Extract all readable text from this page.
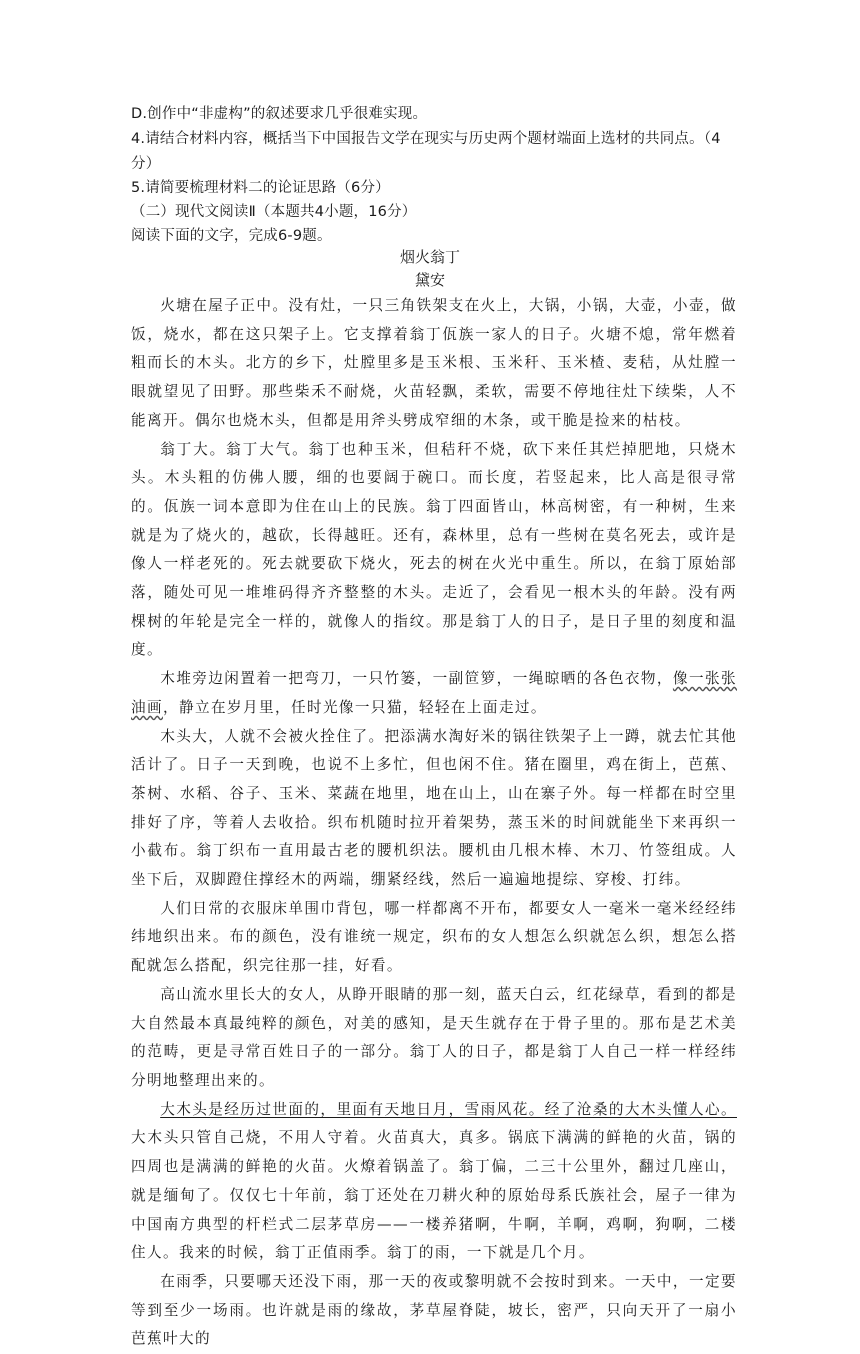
D.创作中“非虚构”的叙述要求几乎很难实现。
4.请结合材料内容，概括当下中国报告文学在现实与历史两个题材端面上选材的共同点。（4
分）
5.请简要梳理材料二的论证思路（6分）
（二）现代文阅读Ⅱ（本题共4小题，16分）
阅读下面的文字，完成6-9题。
烟火翁丁
黛安

火塘在屋子正中。没有灶，一只三角铁架支在火上，大锅，小锅，大壶，小壶，做饭，烧水，都在这只架子上。它支撑着翁丁佤族一家人的日子。火塘不熄，常年燃着粗而长的木头。北方的乡下，灶膛里多是玉米根、玉米秆、玉米楂、麦秸，从灶膛一眼就望见了田野。那些柴禾不耐烧，火苗轻飘，柔软，需要不停地往灶下续柴，人不能离开。偶尔也烧木头，但都是用斧头劈成窄细的木条，或干脆是捡来的枯枝。

翁丁大。翁丁大气。翁丁也种玉米，但秸秆不烧，砍下来任其烂掉肥地，只烧木头。木头粗的仿佛人腰，细的也要阔于碗口。而长度，若竖起来，比人高是很寻常的。佤族一词本意即为住在山上的民族。翁丁四面皆山，林高树密，有一种树，生来就是为了烧火的，越砍，长得越旺。还有，森林里，总有一些树在莫名死去，或许是像人一样老死的。死去就要砍下烧火，死去的树在火光中重生。所以，在翁丁原始部落，随处可见一堆堆码得齐齐整整的木头。走近了，会看见一根木头的年龄。没有两棵树的年轮是完全一样的，就像人的指纹。那是翁丁人的日子，是日子里的刻度和温度。

木堆旁边闲置着一把弯刀，一只竹篓，一副笸箩，一绳晾晒的各色衣物，像一张张油画，静立在岁月里，任时光像一只猫，轻轻在上面走过。

木头大，人就不会被火拴住了。把添满水淘好米的锅往铁架子上一蹲，就去忙其他活计了。日子一天到晚，也说不上多忙，但也闲不住。猪在圈里，鸡在街上，芭蕉、茶树、水稻、谷子、玉米、菜蔬在地里，地在山上，山在寨子外。每一样都在时空里排好了序，等着人去收拾。织布机随时拉开着架势，蒸玉米的时间就能坐下来再织一小截布。翁丁织布一直用最古老的腰机织法。腰机由几根木棒、木刀、竹签组成。人坐下后，双脚蹬住撑经木的两端，绷紧经线，然后一遍遍地提综、穿梭、打纬。

人们日常的衣服床单围巾背包，哪一样都离不开布，都要女人一毫米一毫米经经纬纬地织出来。布的颜色，没有谁统一规定，织布的女人想怎么织就怎么织，想怎么搭配就怎么搭配，织完往那一挂，好看。

高山流水里长大的女人，从睁开眼睛的那一刻，蓝天白云，红花绿草，看到的都是大自然最本真最纯粹的颜色，对美的感知，是天生就存在于骨子里的。那布是艺术美的范畴，更是寻常百姓日子的一部分。翁丁人的日子，都是翁丁人自己一样一样经纬分明地整理出来的。

大木头是经历过世面的，里面有天地日月，雪雨风花。经了沧桑的大木头懂人心。大木头只管自己烧，不用人守着。火苗真大，真多。锅底下满满的鲜艳的火苗，锅的四周也是满满的鲜艳的火苗。火燎着锅盖了。翁丁偏，二三十公里外，翻过几座山，就是缅甸了。仅仅七十年前，翁丁还处在刀耕火种的原始母系氏族社会，屋子一律为中国南方典型的杆栏式二层茅草房——一楼养猪啊，牛啊，羊啊，鸡啊，狗啊，二楼住人。我来的时候，翁丁正值雨季。翁丁的雨，一下就是几个月。

在雨季，只要哪天还没下雨，那一天的夜或黎明就不会按时到来。一天中，一定要等到至少一场雨。也许就是雨的缘故，茅草屋脊陡，坡长，密严，只向天开了一扇小芭蕉叶大的
